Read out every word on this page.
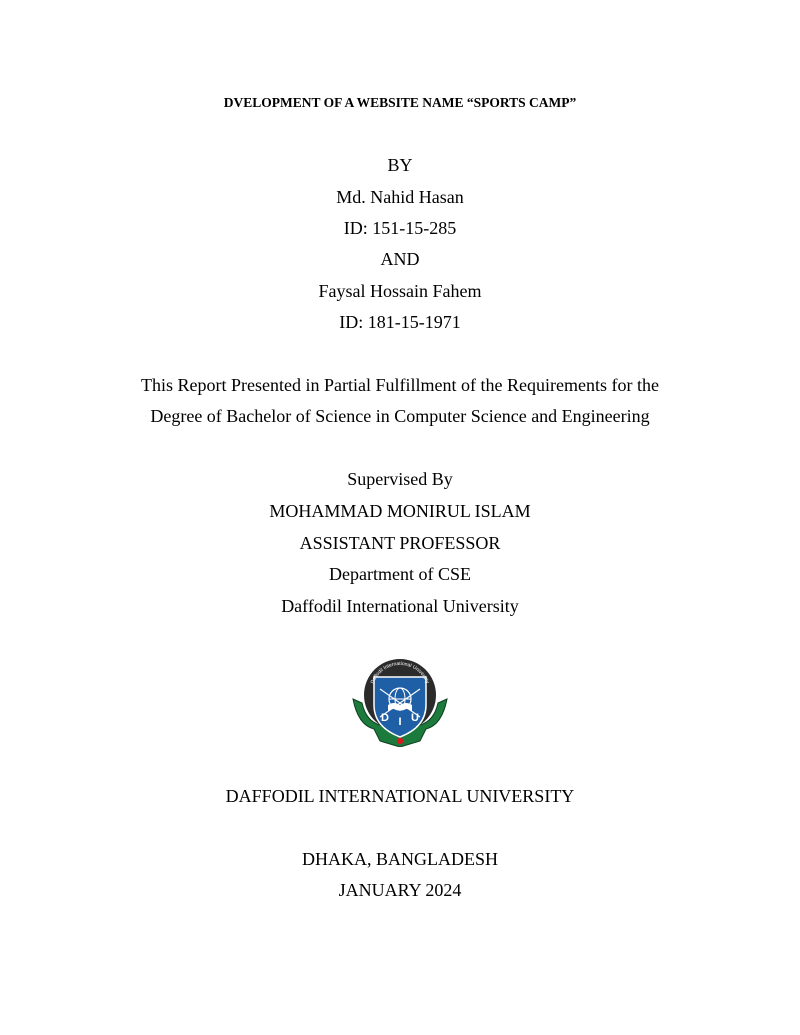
DVELOPMENT OF A WEBSITE NAME “SPORTS CAMP”
BY
Md. Nahid Hasan
ID: 151-15-285
AND
Faysal Hossain Fahem
ID: 181-15-1971
This Report Presented in Partial Fulfillment of the Requirements for the
Degree of Bachelor of Science in Computer Science and Engineering
Supervised By
MOHAMMAD MONIRUL ISLAM
ASSISTANT PROFESSOR
Department of CSE
Daffodil International University
Daffodil International University
D I U
DAFFODIL INTERNATIONAL UNIVERSITY
DHAKA, BANGLADESH
JANUARY 2024
